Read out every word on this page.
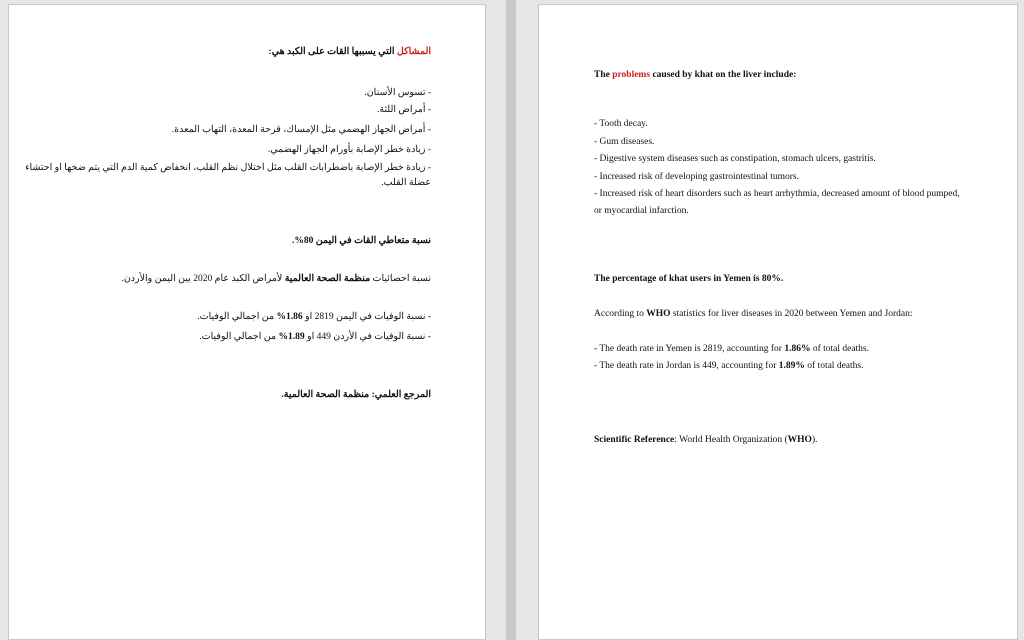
المشاكل التي يسببها القات على الكبد هي:
- تسوس الأسنان.
- أمراض اللثة.
- أمراض الجهاز الهضمي مثل الإمساك، قرحة المعدة، التهاب المعدة.
- زيادة خطر الإصابة بأورام الجهاز الهضمي.
- زيادة خطر الإصابة باضطرابات القلب مثل اختلال نظم القلب، انخفاض كمية الدم التي يتم ضخها او احتشاء
عضلة القلب.
نسبة متعاطي القات في اليمن 80%.
نسبة احصائيات منظمة الصحة العالمية لأمراض الكبد عام 2020 بين اليمن والأردن.
- نسبة الوفيات في اليمن 2819 او 1.86% من اجمالي الوفيات.
- نسبة الوفيات في الأردن 449 او 1.89% من اجمالي الوفيات.
المرجع العلمي: منظمة الصحة العالمية.
The problems caused by khat on the liver include:
- Tooth decay.
- Gum diseases.
- Digestive system diseases such as constipation, stomach ulcers, gastritis.
- Increased risk of developing gastrointestinal tumors.
- Increased risk of heart disorders such as heart arrhythmia, decreased amount of blood pumped, or myocardial infarction.
The percentage of khat users in Yemen is 80%.
According to WHO statistics for liver diseases in 2020 between Yemen and Jordan:
- The death rate in Yemen is 2819, accounting for 1.86% of total deaths.
- The death rate in Jordan is 449, accounting for 1.89% of total deaths.
Scientific Reference: World Health Organization (WHO).
